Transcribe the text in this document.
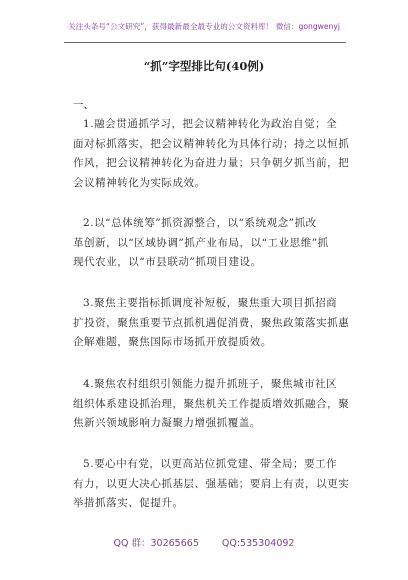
关注头条号“公文研究”，获得最新最全最专业的公文资料库！ 微信：gongwenyj
“抓”字型排比句(40例)
一、
1.融会贯通抓学习，把会议精神转化为政治自觉；全
面对标抓落实，把会议精神转化为具体行动；持之以恒抓
作风，把会议精神转化为奋进力量；只争朝夕抓当前，把
会议精神转化为实际成效。
2.以“总体统筹”抓资源整合，以“系统观念”抓改
革创新，以“区域协调”抓产业布局，以“工业思维”抓
现代农业，以“市县联动”抓项目建设。
3.聚焦主要指标抓调度补短板，聚焦重大项目抓招商
扩投资，聚焦重要节点抓机遇促消费，聚焦政策落实抓惠
企解难题，聚焦国际市场抓开放提质效。
4.聚焦农村组织引领能力提升抓班子，聚焦城市社区
组织体系建设抓治理，聚焦机关工作提质增效抓融合，聚
焦新兴领域影响力凝聚力增强抓覆盖。
5.要心中有党，以更高站位抓党建、带全局；要工作
有力，以更大决心抓基层、强基础；要肩上有责，以更实
举措抓落实、促提升。
QQ 群：30265665 QQ:535304092
